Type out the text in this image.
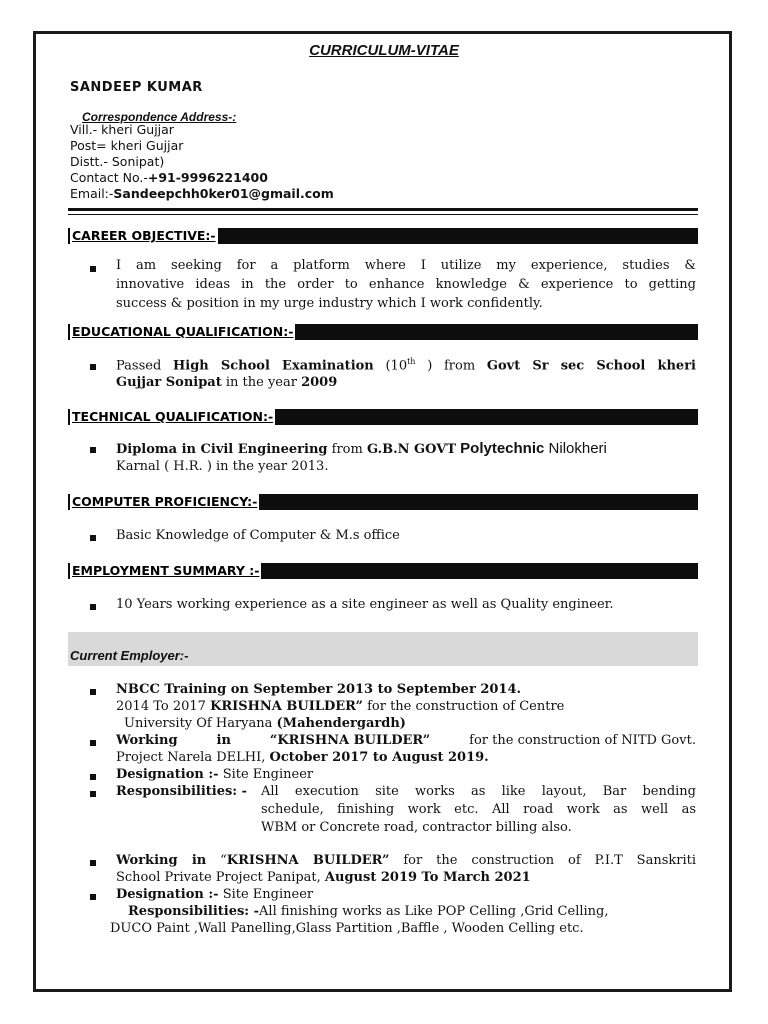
CURRICULUM-VITAE
SANDEEP KUMAR
Correspondence Address-:
Vill.- kheri Gujjar
Post= kheri Gujjar
Distt.- Sonipat)
Contact No.-+91-9996221400
Email:-Sandeepchh0ker01@gmail.com
CAREER OBJECTIVE:-
I am seeking for a platform where I utilize my experience, studies &
innovative ideas in the order to enhance knowledge & experience to getting
success & position in my urge industry which I work confidently.
EDUCATIONAL QUALIFICATION:-
Passed High School Examination (10th ) from Govt Sr sec School kheri
Gujjar Sonipat in the year 2009
TECHNICAL QUALIFICATION:-
Diploma in Civil Engineering from G.B.N GOVT Polytechnic Nilokheri
Karnal ( H.R. ) in the year 2013.
COMPUTER PROFICIENCY:-
Basic Knowledge of Computer & M.s office
EMPLOYMENT SUMMARY :-
10 Years working experience as a site engineer as well as Quality engineer.
Current Employer:-
NBCC Training on September 2013 to September 2014.
2014 To 2017 KRISHNA BUILDER” for the construction of Centre
University Of Haryana (Mahendergardh)
Working	in	“KRISHNA BUILDER”	for the construction of NITD Govt.
Project Narela DELHI, October 2017 to August 2019.
Designation :- Site Engineer
Responsibilities: - All execution site works as like layout, Bar bending
schedule, finishing work etc. All road work as well as
WBM or Concrete road, contractor billing also.
Working in “KRISHNA BUILDER” for the construction of P.I.T Sanskriti
School Private Project Panipat, August 2019 To March 2021
Designation :- Site Engineer
Responsibilities: -All finishing works as Like POP Celling ,Grid Celling,
DUCO Paint ,Wall Panelling,Glass Partition ,Baffle , Wooden Celling etc.
